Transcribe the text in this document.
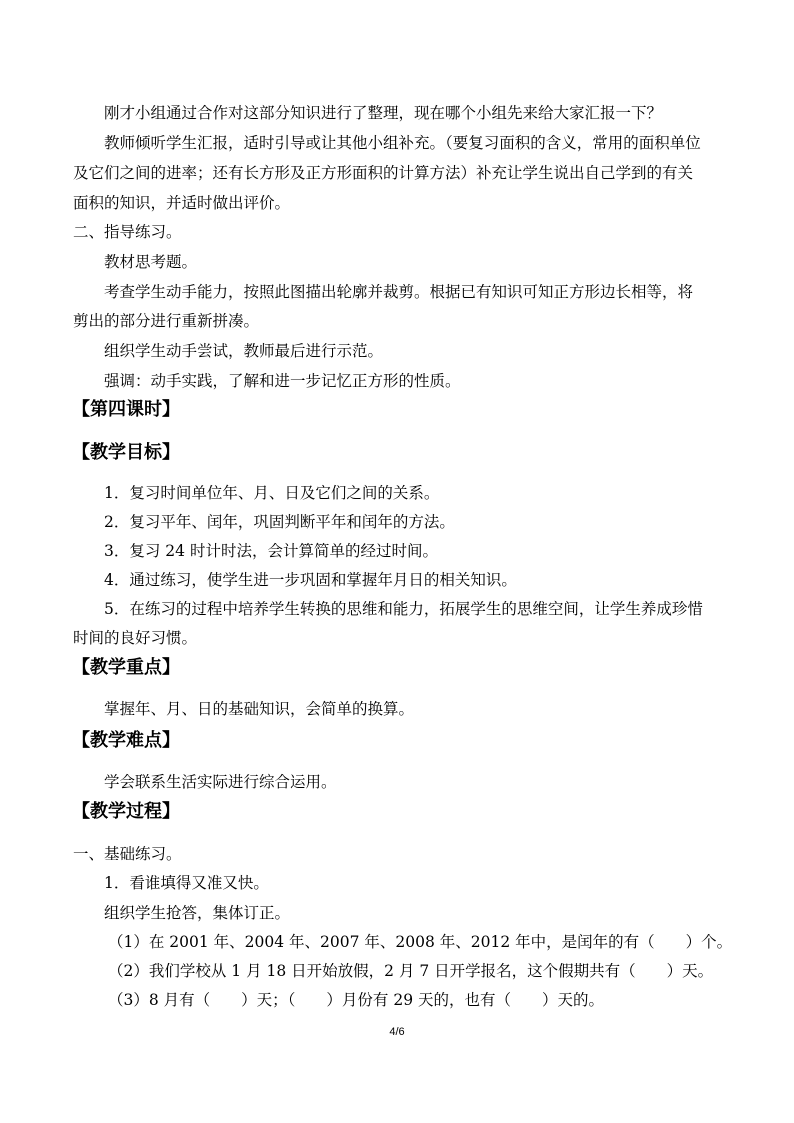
刚才小组通过合作对这部分知识进行了整理，现在哪个小组先来给大家汇报一下？
教师倾听学生汇报，适时引导或让其他小组补充。（要复习面积的含义，常用的面积单位
及它们之间的进率；还有长方形及正方形面积的计算方法）补充让学生说出自己学到的有关
面积的知识，并适时做出评价。
二、指导练习。
教材思考题。
考查学生动手能力，按照此图描出轮廓并裁剪。根据已有知识可知正方形边长相等，将
剪出的部分进行重新拼凑。
组织学生动手尝试，教师最后进行示范。
强调：动手实践，了解和进一步记忆正方形的性质。
【第四课时】
【教学目标】
1．复习时间单位年、月、日及它们之间的关系。
2．复习平年、闰年，巩固判断平年和闰年的方法。
3．复习 24 时计时法，会计算简单的经过时间。
4．通过练习，使学生进一步巩固和掌握年月日的相关知识。
5．在练习的过程中培养学生转换的思维和能力，拓展学生的思维空间，让学生养成珍惜
时间的良好习惯。
【教学重点】
掌握年、月、日的基础知识，会简单的换算。
【教学难点】
学会联系生活实际进行综合运用。
【教学过程】
一、基础练习。
1．看谁填得又准又快。
组织学生抢答，集体订正。
（1）在 2001 年、2004 年、2007 年、2008 年、2012 年中，是闰年的有（　　）个。
（2）我们学校从 1 月 18 日开始放假，2 月 7 日开学报名，这个假期共有（　　）天。
（3）8 月有（　　）天；（　　）月份有 29 天的，也有（　　）天的。
4/6
